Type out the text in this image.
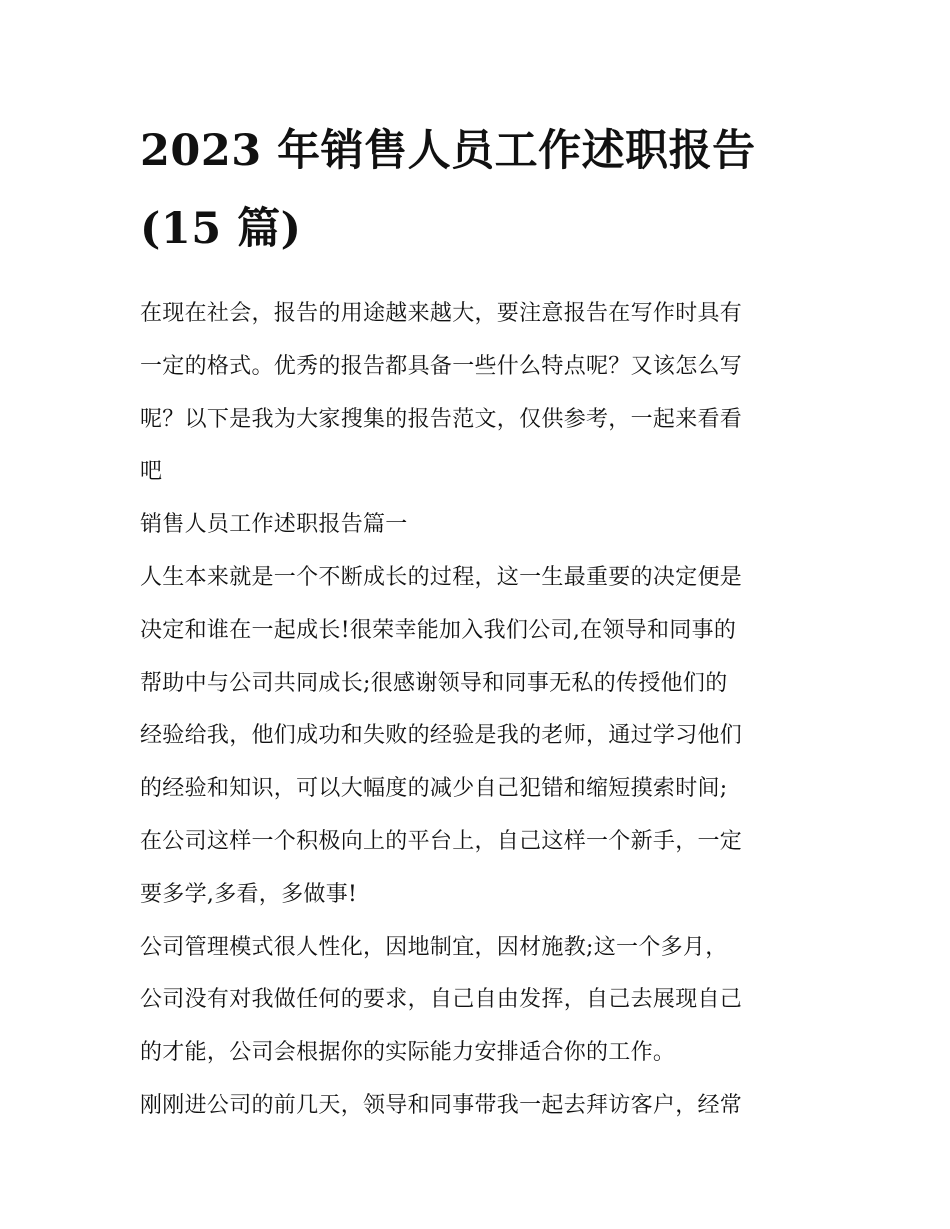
2023 年销售人员工作述职报告
(15 篇)
在现在社会，报告的用途越来越大，要注意报告在写作时具有
一定的格式。优秀的报告都具备一些什么特点呢？又该怎么写
呢？以下是我为大家搜集的报告范文，仅供参考，一起来看看
吧
销售人员工作述职报告篇一
人生本来就是一个不断成长的过程，这一生最重要的决定便是
决定和谁在一起成长!很荣幸能加入我们公司,在领导和同事的
帮助中与公司共同成长;很感谢领导和同事无私的传授他们的
经验给我，他们成功和失败的经验是我的老师，通过学习他们
的经验和知识，可以大幅度的减少自己犯错和缩短摸索时间;
在公司这样一个积极向上的平台上，自己这样一个新手，一定
要多学,多看，多做事!
公司管理模式很人性化，因地制宜，因材施教;这一个多月，
公司没有对我做任何的要求，自己自由发挥，自己去展现自己
的才能，公司会根据你的实际能力安排适合你的工作。
刚刚进公司的前几天，领导和同事带我一起去拜访客户，经常
